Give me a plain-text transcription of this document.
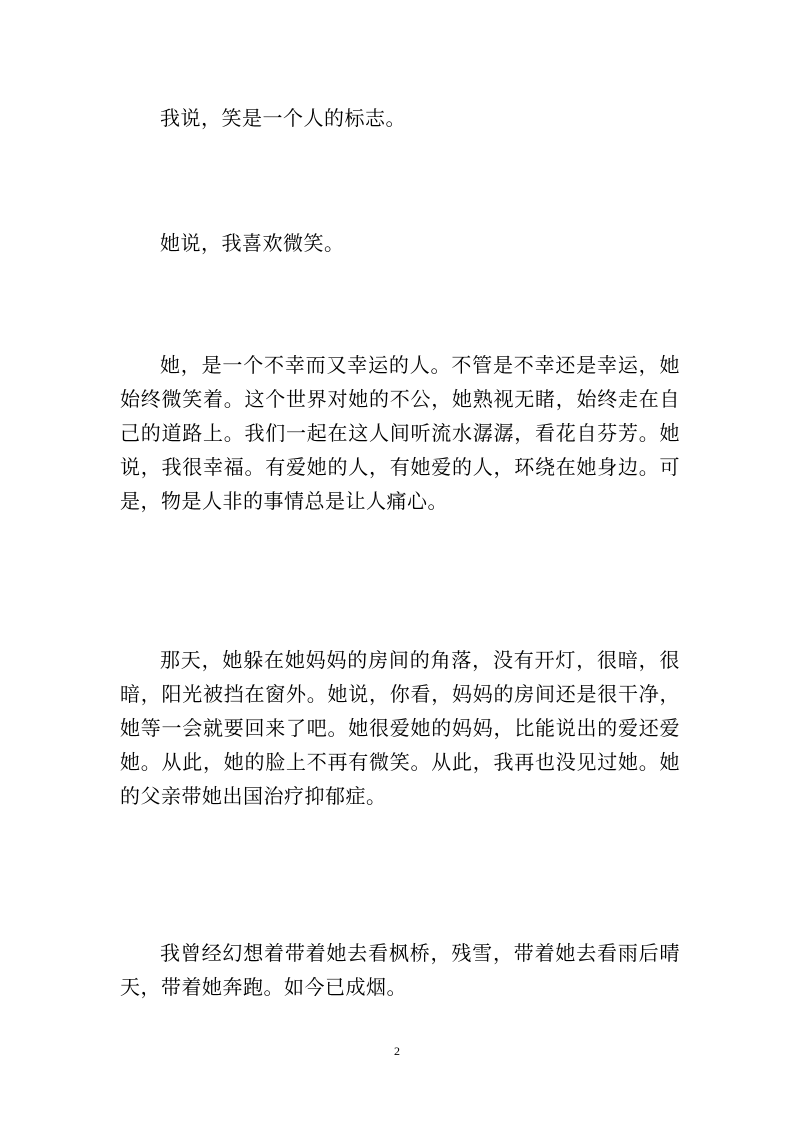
我说，笑是一个人的标志。

她说，我喜欢微笑。

她，是一个不幸而又幸运的人。不管是不幸还是幸运，她始终微笑着。这个世界对她的不公，她熟视无睹，始终走在自己的道路上。我们一起在这人间听流水潺潺，看花自芬芳。她说，我很幸福。有爱她的人，有她爱的人，环绕在她身边。可是，物是人非的事情总是让人痛心。

那天，她躲在她妈妈的房间的角落，没有开灯，很暗，很暗，阳光被挡在窗外。她说，你看，妈妈的房间还是很干净，她等一会就要回来了吧。她很爱她的妈妈，比能说出的爱还爱她。从此，她的脸上不再有微笑。从此，我再也没见过她。她的父亲带她出国治疗抑郁症。

我曾经幻想着带着她去看枫桥，残雪，带着她去看雨后晴天，带着她奔跑。如今已成烟。

2
